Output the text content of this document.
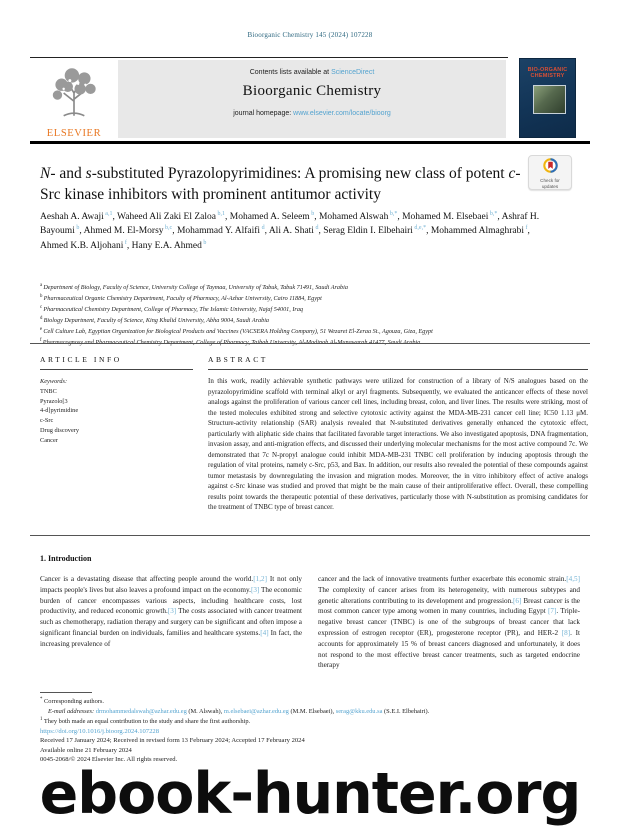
Bioorganic Chemistry 145 (2024) 107228
ELSEVIER
Contents lists available at ScienceDirect
Bioorganic Chemistry
journal homepage: www.elsevier.com/locate/bioorg
BIO-ORGANIC
CHEMISTRY
N- and s-substituted Pyrazolopyrimidines: A promising new class of potent c-Src kinase inhibitors with prominent antitumor activity
Check for
updates
Aeshah A. Awaji $^{a,1}$, Waheed Ali Zaki El Zaloa $^{b,1}$, Mohamed A. Seleem $^b$, Mohamed Alswah $^{b,*}$, Mohamed M. Elsebaei $^{b,*}$, Ashraf H. Bayoumi $^b$, Ahmed M. El-Morsy $^{b,c}$, Mohammad Y. Alfaifi $^d$, Ali A. Shati $^d$, Serag Eldin I. Elbehairi $^{d,e,*}$, Mohammed Almaghrabi $^f$, Ahmed K.B. Aljohani $^f$, Hany E.A. Ahmed $^b$
$^a$ Department of Biology, Faculty of Science, University College of Taymaa, University of Tabuk, Tabuk 71491, Saudi Arabia
$^b$ Pharmaceutical Organic Chemistry Department, Faculty of Pharmacy, Al-Azhar University, Cairo 11884, Egypt
$^c$ Pharmaceutical Chemistry Department, College of Pharmacy, The Islamic University, Najaf 54001, Iraq
$^d$ Biology Department, Faculty of Science, King Khalid University, Abha 9004, Saudi Arabia
$^e$ Cell Culture Lab, Egyptian Organization for Biological Products and Vaccines (VACSERA Holding Company), 51 Wezaret El-Zeraa St., Agouza, Giza, Egypt
$^f$
ARTICLE INFO	ABSTRACT
Keywords:
TNBC
Pyrazolo[3
4-d]pyrimidine
c-Src
Drug discovery
Cancer
In this work, readily achievable synthetic pathways were utilized for construction of a library of N/S analogues based on the pyrazolopyrimidine scaffold with terminal alkyl or aryl fragments. Subsequently, we evaluated the anticancer effects of these novel analogs against the proliferation of various cancer cell lines, including breast, colon, and liver lines. The results were striking, most of the tested molecules exhibited strong and selective cytotoxic activity against the MDA-MB-231 cancer cell line; IC50 1.13 μM. Structure-activity relationship (SAR) analysis revealed that N-substituted derivatives generally enhanced the cytotoxic effect, particularly with aliphatic side chains that facilitated favorable target interactions. We also investigated apoptosis, DNA fragmentation, invasion assay, and anti-migration effects, and discussed their underlying molecular mechanisms for the most active compound 7c. We demonstrated that 7c N-propyl analogue could inhibit MDA-MB-231 TNBC cell proliferation by inducing apoptosis through the regulation of vital proteins, namely c-Src, p53, and Bax. In addition, our results also revealed the potential of these compounds against tumor metastasis by downregulating the invasion and migration modes. Moreover, the in vitro inhibitory effect of active analogs against c-Src kinase was studied and proved that might be the main cause of their antiproliferative effect. Overall, these compelling results point towards the therapeutic potential of these derivatives, particularly those with N-substitution as promising candidates for the treatment of TNBC type of breast cancer.
1. Introduction
Cancer is a devastating disease that affecting people around the world.[1,2] It not only impacts people's lives but also leaves a profound impact on the economy.[3] The economic burden of cancer encompasses various aspects, including healthcare costs, lost productivity, and reduced economic growth.[3] The costs associated with cancer treatment such as chemotherapy, radiation therapy and surgery can be significant and often impose a significant financial burden on individuals, families and healthcare systems.[4] In fact, the increasing prevalence of
cancer and the lack of innovative treatments further exacerbate this economic strain.[4,5] The complexity of cancer arises from its heterogeneity, with numerous subtypes and genetic alterations contributing to its development and progression.[6] Breast cancer is the most common cancer type among women in many countries, including Egypt [7]. Triple-negative breast cancer (TNBC) is one of the subgroups of breast cancer that lack expression of estrogen receptor (ER), progesterone receptor (PR), and HER-2 [8]. It accounts for approximately 15 % of breast cancers diagnosed and unfortunately, it does not respond to the most effective breast cancer treatments, such as targeted endocrine therapy
* Corresponding authors.
E-mail addresses: drmohammedalswah@azhar.edu.eg (M. Alswah), m.elsebaei@azhar.edu.eg (M.M. Elsebaei), serag@kku.edu.sa (S.E.I. Elbehairi).
$^1$ They both made an equal contribution to the study and share the first authorship.
https://doi.org/10.1016/j.bioorg.2024.107228
Received 17 January 2024; Received in revised form 13 February 2024; Accepted 17 February 2024
Available online 21 February 2024
0045-2068/© 2024 Elsevier Inc. All rights reserved.
ebook-hunter.org
